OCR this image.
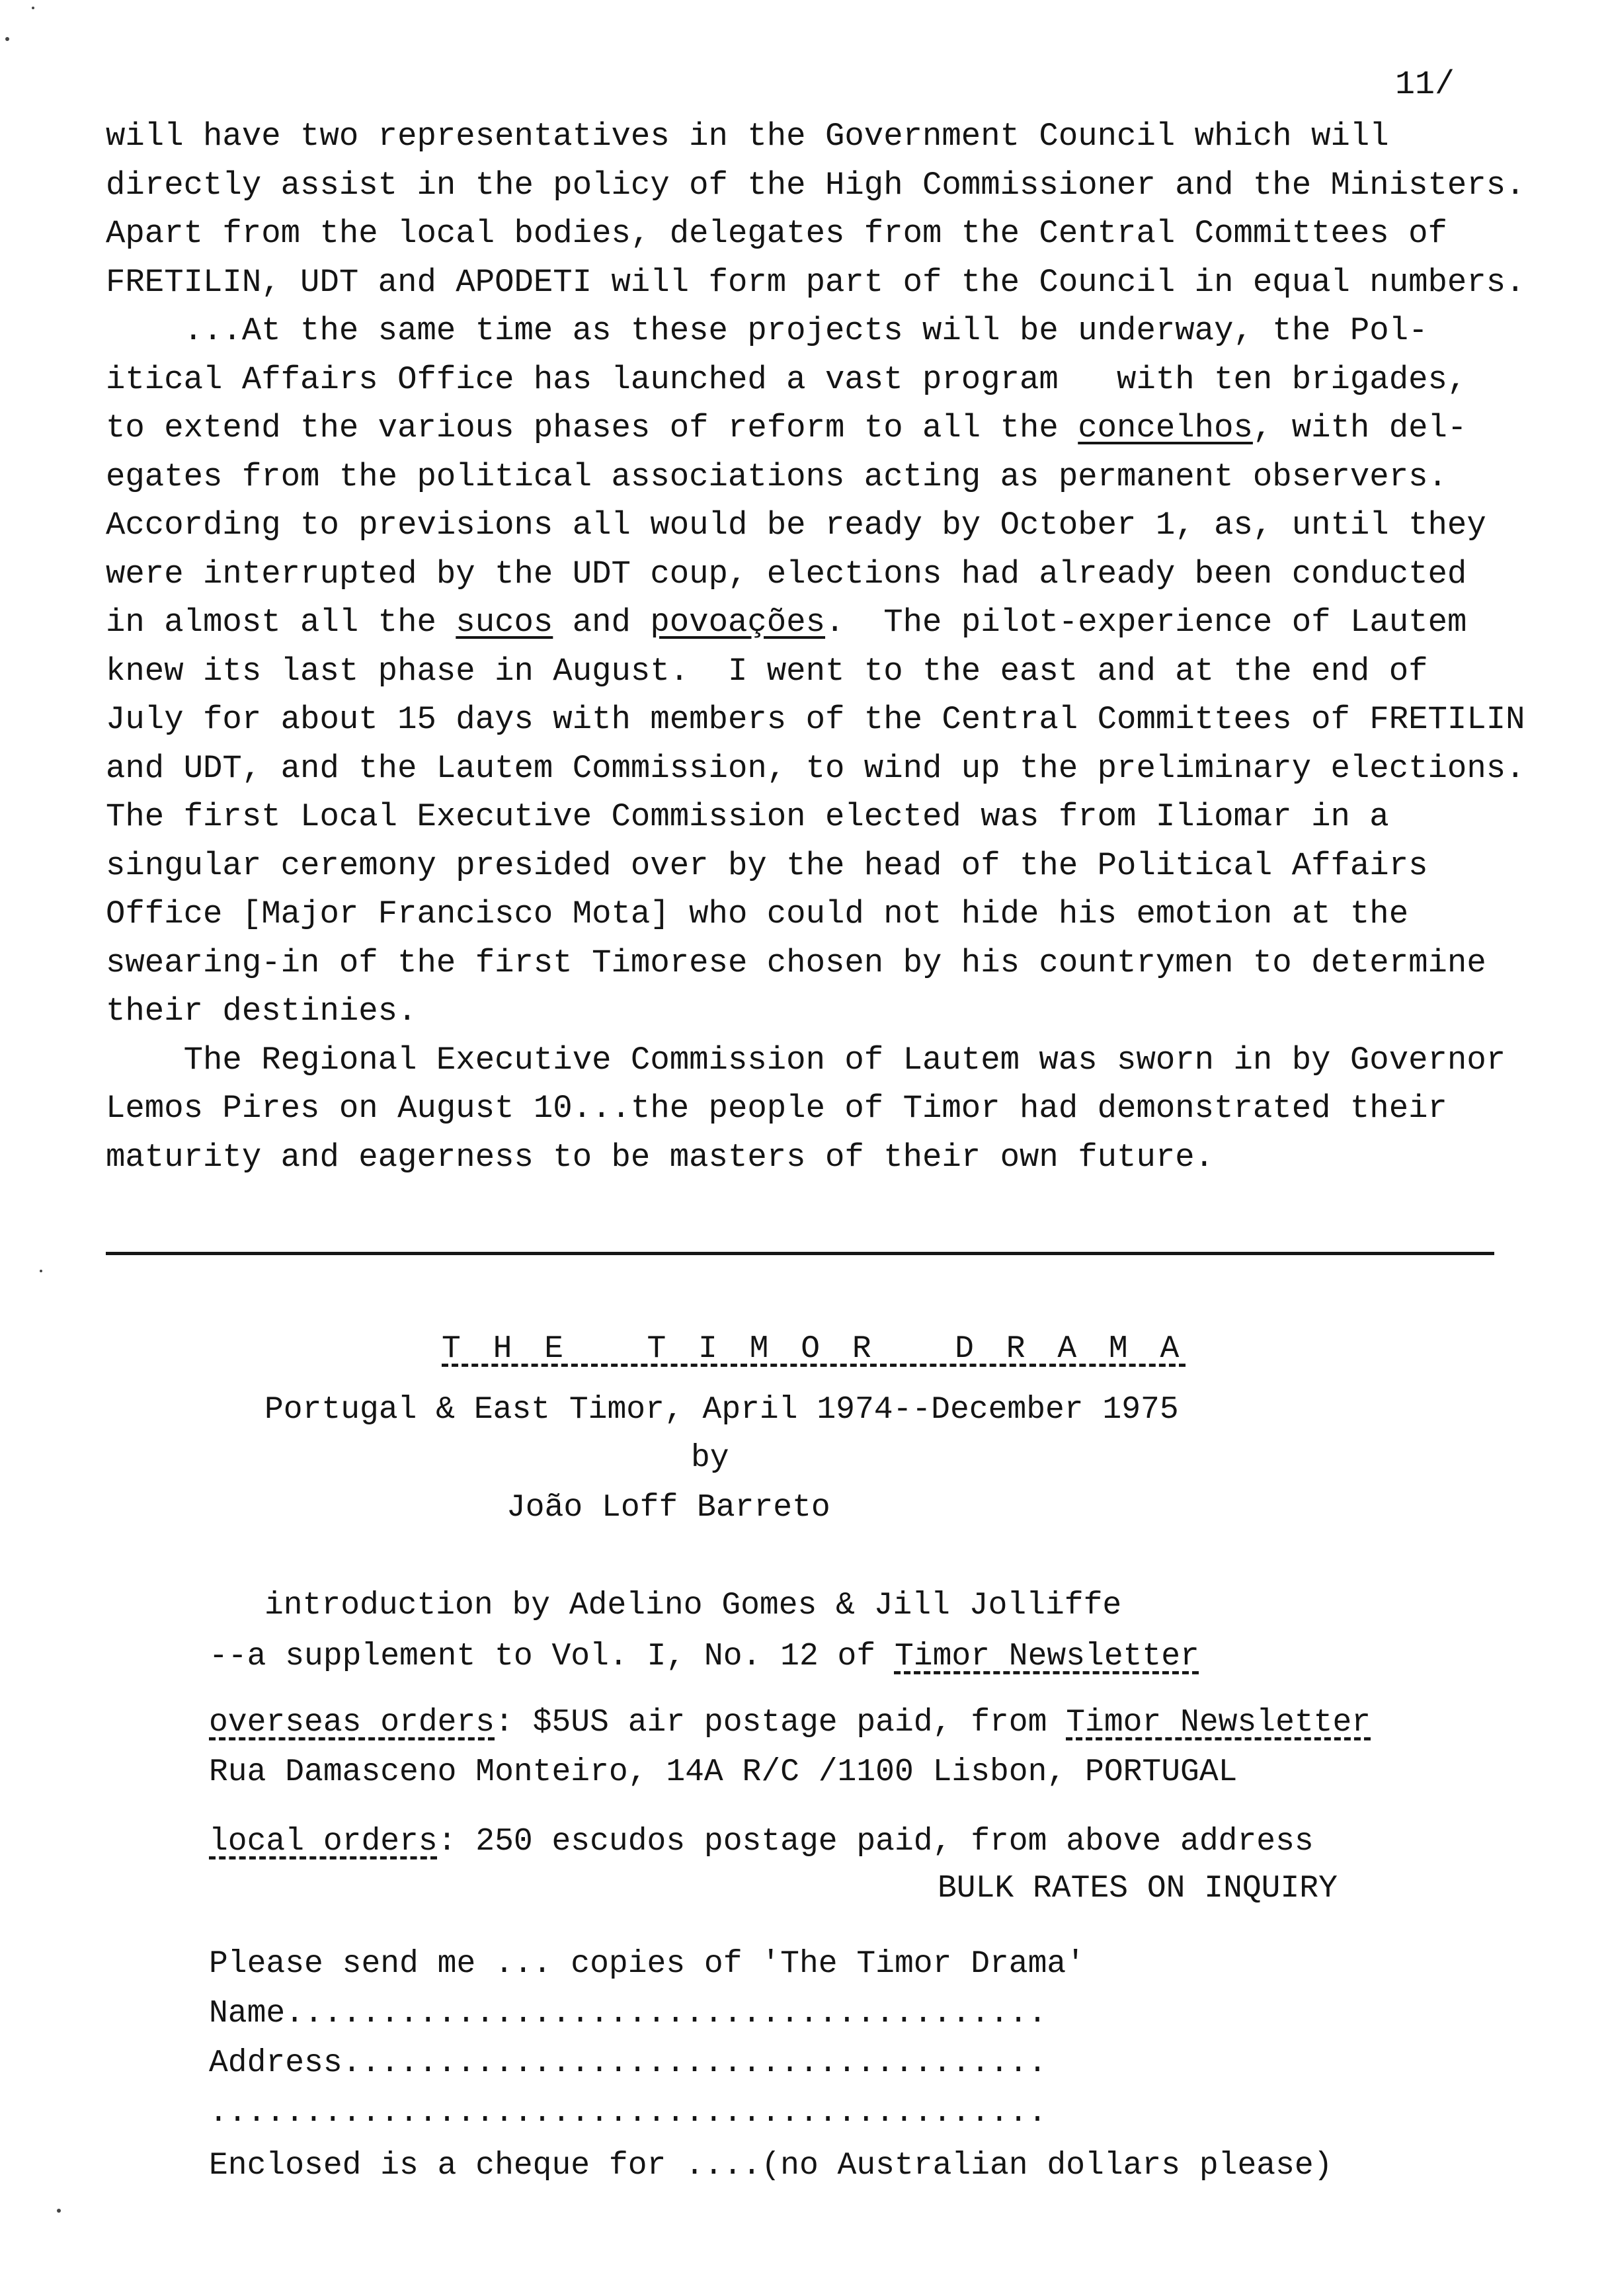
11/
will have two representatives in the Government Council which will
directly assist in the policy of the High Commissioner and the Ministers.
Apart from the local bodies, delegates from the Central Committees of
FRETILIN, UDT and APODETI will form part of the Council in equal numbers.
...At the same time as these projects will be underway, the Pol-
itical Affairs Office has launched a vast program   with ten brigades,
to extend the various phases of reform to all the concelhos, with del-
egates from the political associations acting as permanent observers.
According to previsions all would be ready by October 1, as, until they
were interrupted by the UDT coup, elections had already been conducted
in almost all the sucos and povoações.  The pilot-experience of Lautem
knew its last phase in August.  I went to the east and at the end of
July for about 15 days with members of the Central Committees of FRETILIN
and UDT, and the Lautem Commission, to wind up the preliminary elections.
The first Local Executive Commission elected was from Iliomar in a
singular ceremony presided over by the head of the Political Affairs
Office [Major Francisco Mota] who could not hide his emotion at the
swearing-in of the first Timorese chosen by his countrymen to determine
their destinies.
The Regional Executive Commission of Lautem was sworn in by Governor
Lemos Pires on August 10...the people of Timor had demonstrated their
maturity and eagerness to be masters of their own future.
T H E   T I M O R   D R A M A
Portugal & East Timor, April 1974--December 1975
by
João Loff Barreto
introduction by Adelino Gomes & Jill Jolliffe
--a supplement to Vol. I, No. 12 of Timor Newsletter
overseas orders: $5US air postage paid, from Timor Newsletter
Rua Damasceno Monteiro, 14A R/C /1100 Lisbon, PORTUGAL
local orders: 250 escudos postage paid, from above address
BULK RATES ON INQUIRY
Please send me ... copies of 'The Timor Drama'
Name........................................
Address.....................................
............................................
Enclosed is a cheque for ....(no Australian dollars please)
